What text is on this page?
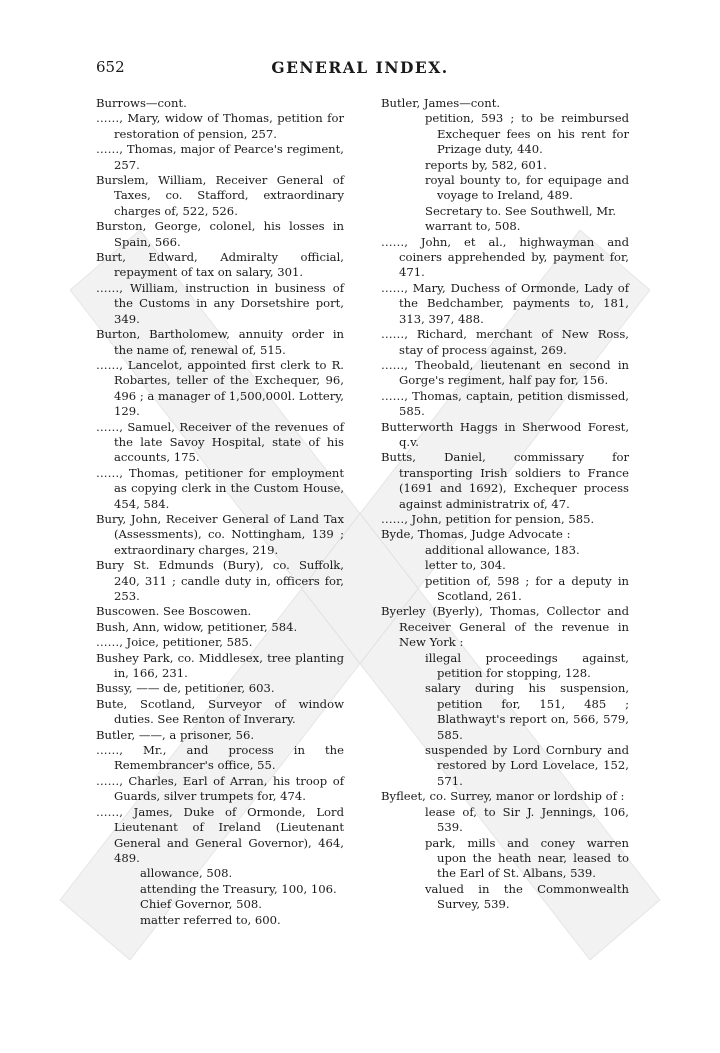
652	GENERAL INDEX.
Burrows—cont.
……, Mary, widow of Thomas, petition for restoration of pension, 257.
……, Thomas, major of Pearce's regiment, 257.
Burslem, William, Receiver General of Taxes, co. Stafford, extraordinary charges of, 522, 526.
Burston, George, colonel, his losses in Spain, 566.
Burt, Edward, Admiralty official, repayment of tax on salary, 301.
……, William, instruction in business of the Customs in any Dorsetshire port, 349.
Burton, Bartholomew, annuity order in the name of, renewal of, 515.
……, Lancelot, appointed first clerk to R. Robartes, teller of the Exchequer, 96, 496 ; a manager of 1,500,000l. Lottery, 129.
……, Samuel, Receiver of the revenues of the late Savoy Hospital, state of his accounts, 175.
……, Thomas, petitioner for employment as copying clerk in the Custom House, 454, 584.
Bury, John, Receiver General of Land Tax (Assessments), co. Nottingham, 139 ; extraordinary charges, 219.
Bury St. Edmunds (Bury), co. Suffolk, 240, 311 ; candle duty in, officers for, 253.
Buscowen. See Boscowen.
Bush, Ann, widow, petitioner, 584.
……, Joice, petitioner, 585.
Bushey Park, co. Middlesex, tree planting in, 166, 231.
Bussy, —— de, petitioner, 603.
Bute, Scotland, Surveyor of window duties. See Renton of Inverary.
Butler, ——, a prisoner, 56.
……, Mr., and process in the Remembrancer's office, 55.
……, Charles, Earl of Arran, his troop of Guards, silver trumpets for, 474.
……, James, Duke of Ormonde, Lord Lieutenant of Ireland (Lieutenant General and General Governor), 464, 489.
allowance, 508.
attending the Treasury, 100, 106.
Chief Governor, 508.
matter referred to, 600.
Butler, James—cont.
petition, 593 ; to be reimbursed Exchequer fees on his rent for Prizage duty, 440.
reports by, 582, 601.
royal bounty to, for equipage and voyage to Ireland, 489.
Secretary to. See Southwell, Mr.
warrant to, 508.
……, John, et al., highwayman and coiners apprehended by, payment for, 471.
……, Mary, Duchess of Ormonde, Lady of the Bedchamber, payments to, 181, 313, 397, 488.
……, Richard, merchant of New Ross, stay of process against, 269.
……, Theobald, lieutenant en second in Gorge's regiment, half pay for, 156.
……, Thomas, captain, petition dismissed, 585.
Butterworth Haggs in Sherwood Forest, q.v.
Butts, Daniel, commissary for transporting Irish soldiers to France (1691 and 1692), Exchequer process against administratrix of, 47.
……, John, petition for pension, 585.
Byde, Thomas, Judge Advocate :
additional allowance, 183.
letter to, 304.
petition of, 598 ; for a deputy in Scotland, 261.
Byerley (Byerly), Thomas, Collector and Receiver General of the revenue in New York :
illegal proceedings against, petition for stopping, 128.
salary during his suspension, petition for, 151, 485 ; Blathwayt's report on, 566, 579, 585.
suspended by Lord Cornbury and restored by Lord Lovelace, 152, 571.
Byfleet, co. Surrey, manor or lordship of :
lease of, to Sir J. Jennings, 106, 539.
park, mills and coney warren upon the heath near, leased to the Earl of St. Albans, 539.
valued in the Commonwealth Survey, 539.
